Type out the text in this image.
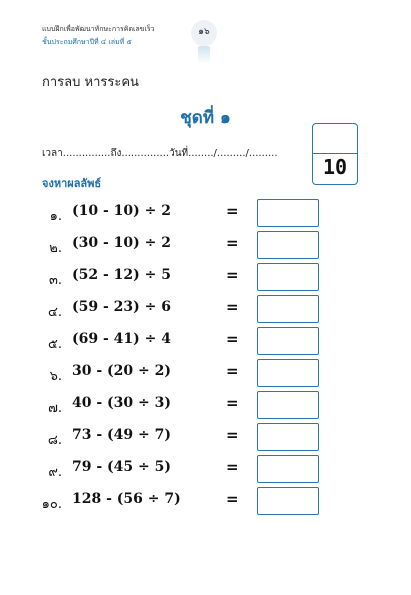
แบบฝึกเพื่อพัฒนาทักษะการคิดเลขเร็ว
ชั้นประถมศึกษาปีที่ ๔ เล่มที่ ๕
๑๖
การลบ หารระคน
ชุดที่ ๑
เวลา...............ถึง...............วันที่......../........./.........
10
จงหาผลลัพธ์
๑. (10 - 10) ÷ 2	=
๒. (30 - 10) ÷ 2	=
๓. (52 - 12) ÷ 5	=
๔. (59 - 23) ÷ 6	=
๕. (69 - 41) ÷ 4	=
๖. 30 - (20 ÷ 2)	=
๗. 40 - (30 ÷ 3)	=
๘. 73 - (49 ÷ 7)	=
๙. 79 - (45 ÷ 5)	=
๑๐. 128 - (56 ÷ 7)	=
